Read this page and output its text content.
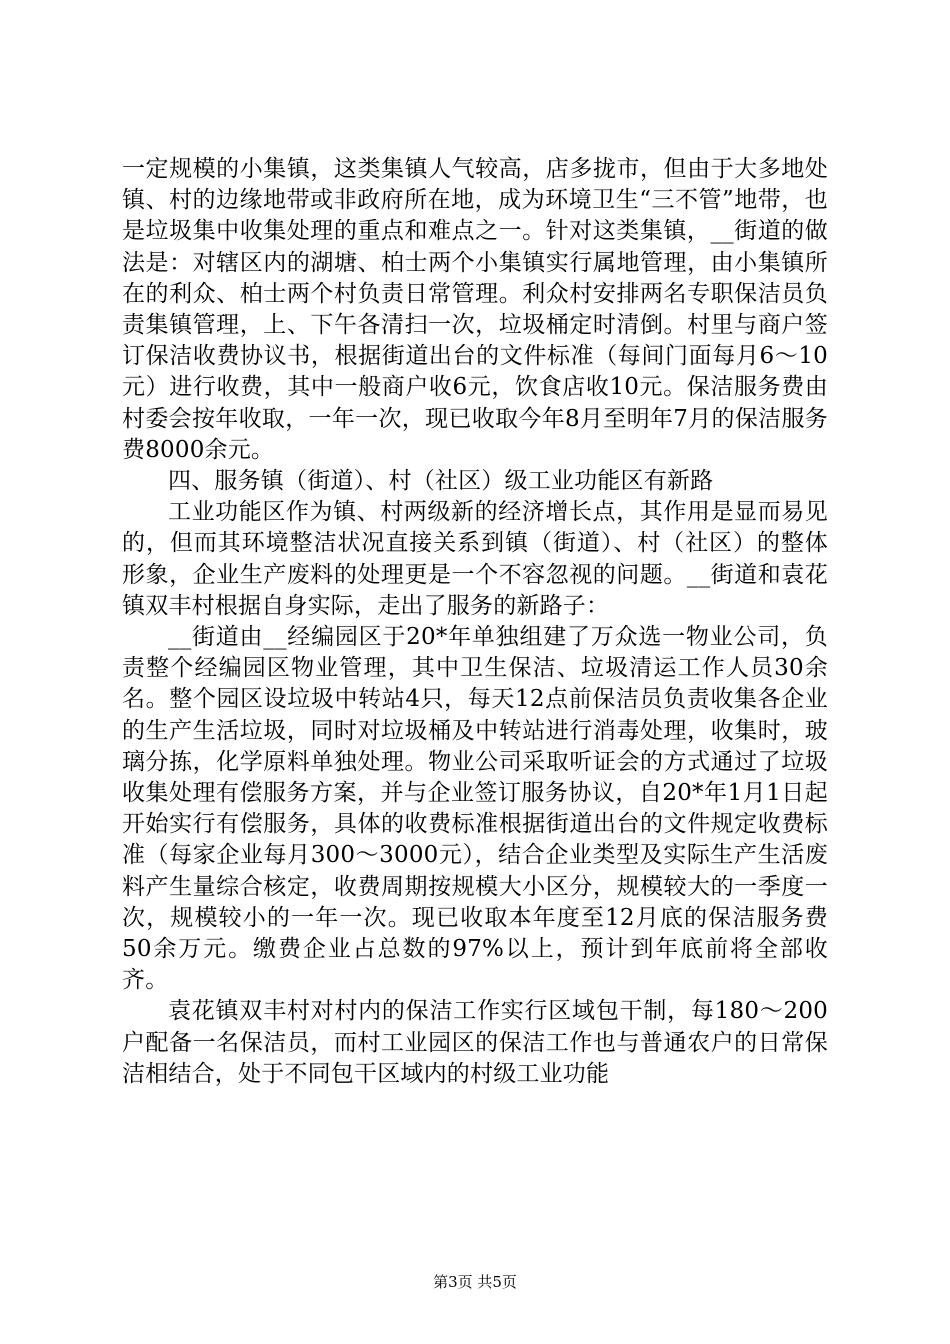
一定规模的小集镇，这类集镇人气较高，店多拢市，但由于大多地处镇、村的边缘地带或非政府所在地，成为环境卫生“三不管”地带，也是垃圾集中收集处理的重点和难点之一。针对这类集镇，__街道的做法是：对辖区内的湖塘、柏士两个小集镇实行属地管理，由小集镇所在的利众、柏士两个村负责日常管理。利众村安排两名专职保洁员负责集镇管理，上、下午各清扫一次，垃圾桶定时清倒。村里与商户签订保洁收费协议书，根据街道出台的文件标准（每间门面每月6～10元）进行收费，其中一般商户收6元，饮食店收10元。保洁服务费由村委会按年收取，一年一次，现已收取今年8月至明年7月的保洁服务费8000余元。

四、服务镇（街道）、村（社区）级工业功能区有新路

工业功能区作为镇、村两级新的经济增长点，其作用是显而易见的，但而其环境整洁状况直接关系到镇（街道）、村（社区）的整体形象，企业生产废料的处理更是一个不容忽视的问题。__街道和袁花镇双丰村根据自身实际，走出了服务的新路子：

__街道由__经编园区于20*年单独组建了万众选一物业公司，负责整个经编园区物业管理，其中卫生保洁、垃圾清运工作人员30余名。整个园区设垃圾中转站4只，每天12点前保洁员负责收集各企业的生产生活垃圾，同时对垃圾桶及中转站进行消毒处理，收集时，玻璃分拣，化学原料单独处理。物业公司采取听证会的方式通过了垃圾收集处理有偿服务方案，并与企业签订服务协议，自20*年1月1日起开始实行有偿服务，具体的收费标准根据街道出台的文件规定收费标准（每家企业每月300～3000元），结合企业类型及实际生产生活废料产生量综合核定，收费周期按规模大小区分，规模较大的一季度一次，规模较小的一年一次。现已收取本年度至12月底的保洁服务费50余万元。缴费企业占总数的97%以上，预计到年底前将全部收齐。

袁花镇双丰村对村内的保洁工作实行区域包干制，每180～200户配备一名保洁员，而村工业园区的保洁工作也与普通农户的日常保洁相结合，处于不同包干区域内的村级工业功能

第3页 共5页
